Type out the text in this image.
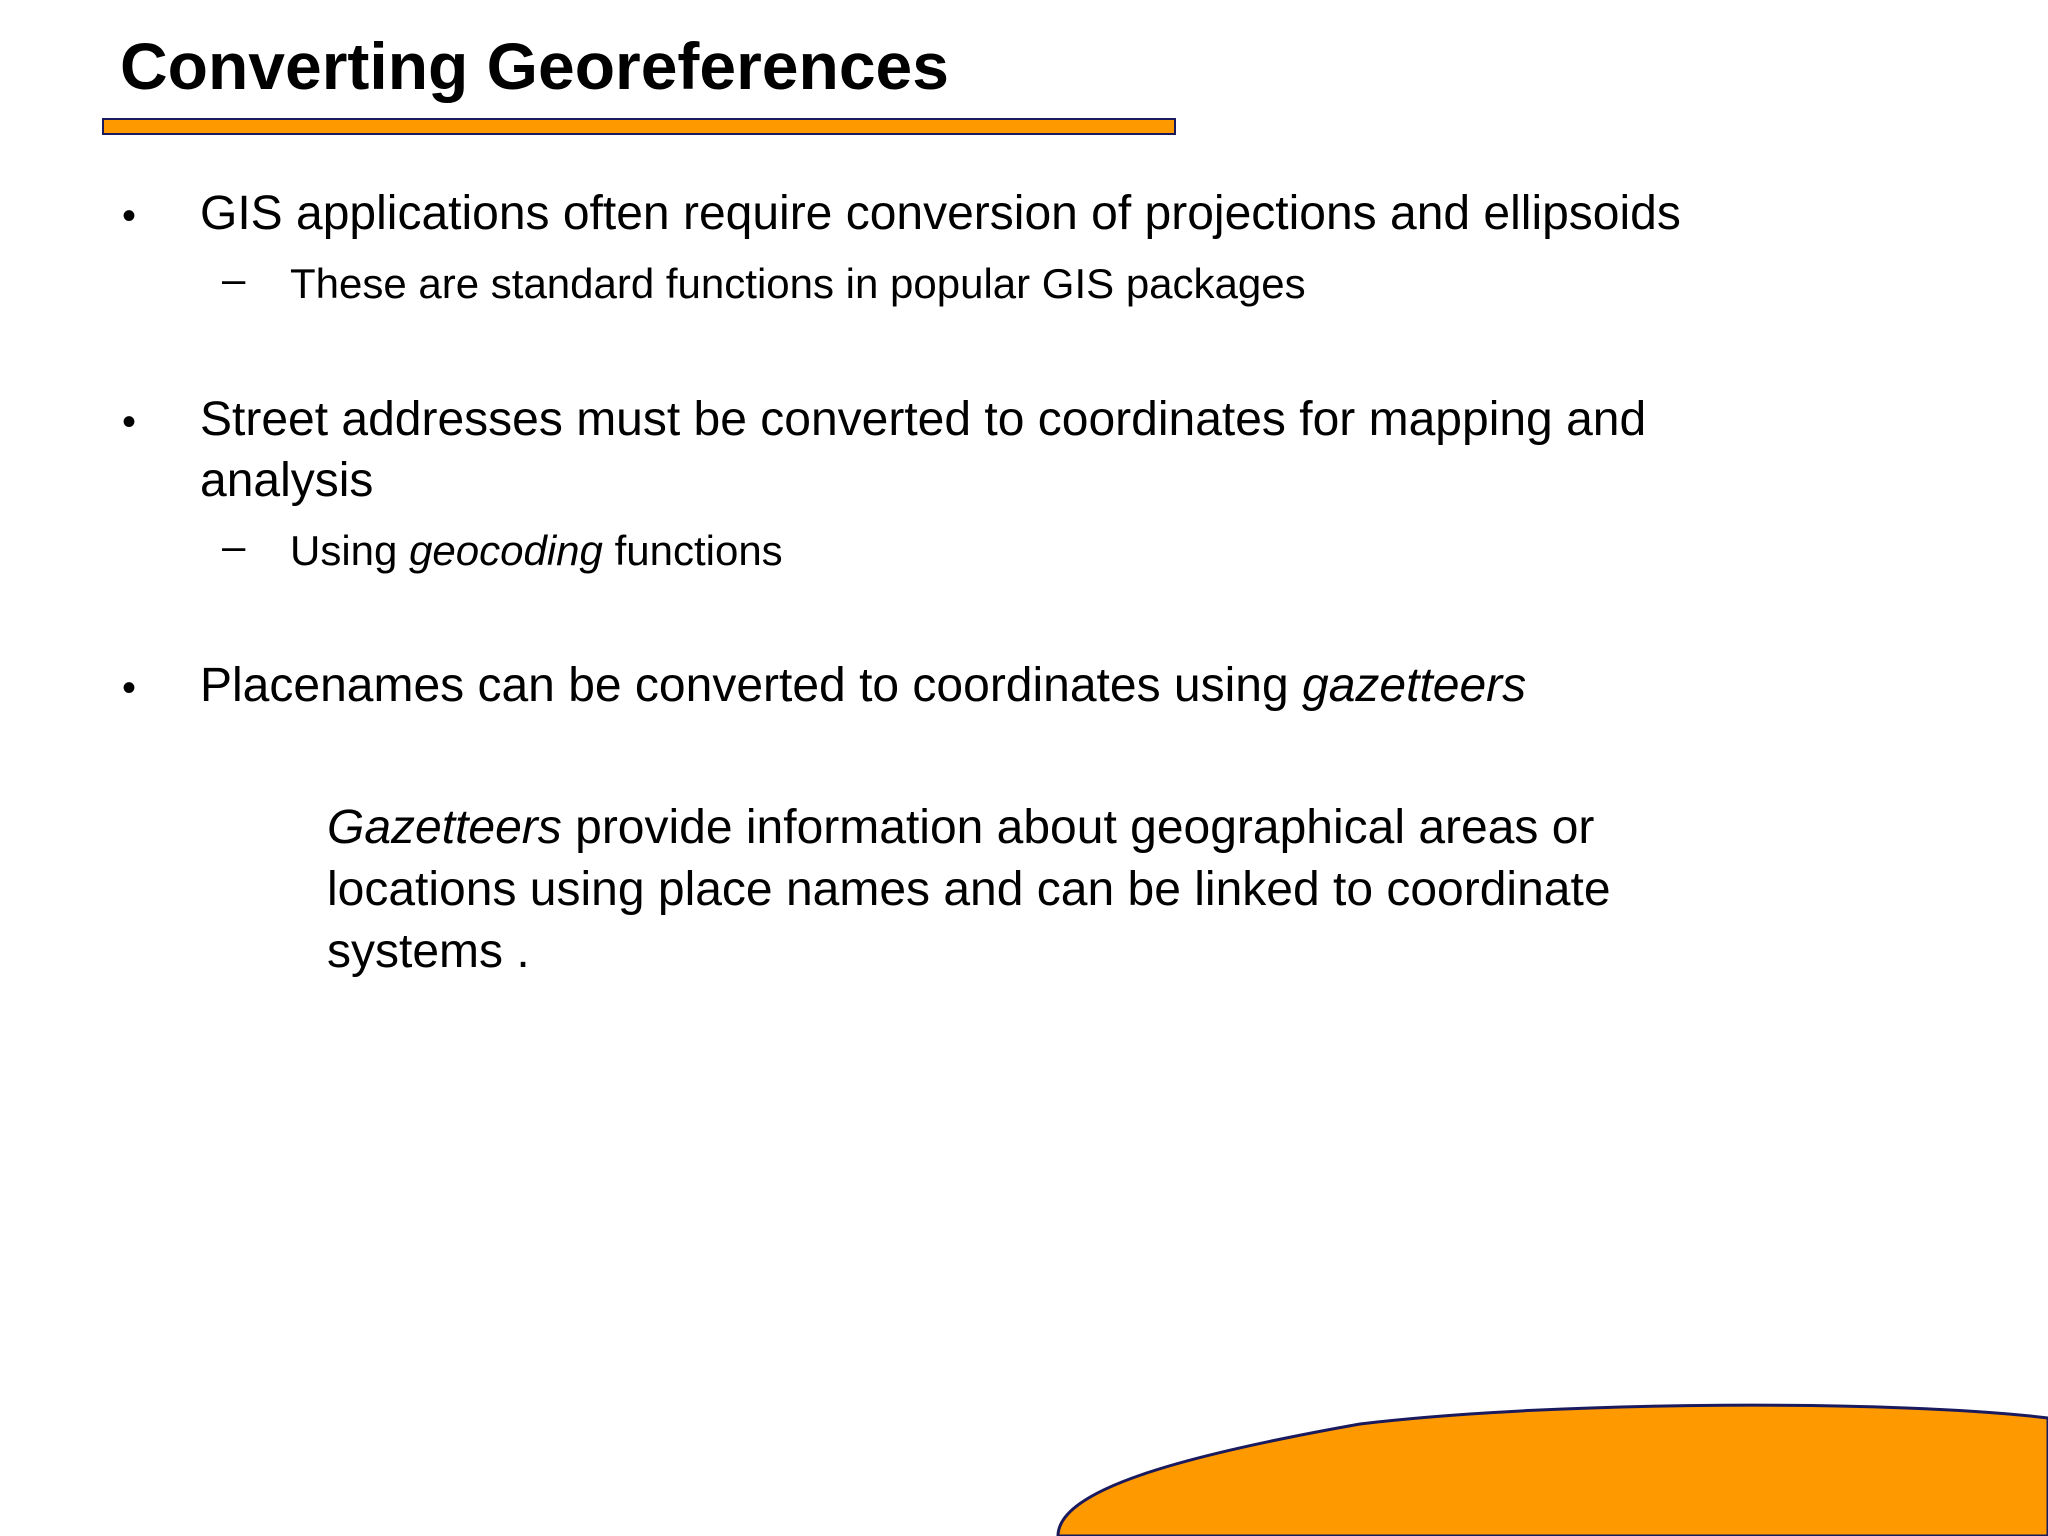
Converting Georeferences
• GIS applications often require conversion of projections and ellipsoids

– These are standard functions in popular GIS packages

• Street addresses must be converted to coordinates for mapping and analysis

– Using geocoding functions

• Placenames can be converted to coordinates using gazetteers

Gazetteers provide information about geographical areas or locations using place names and can be linked to coordinate systems .
